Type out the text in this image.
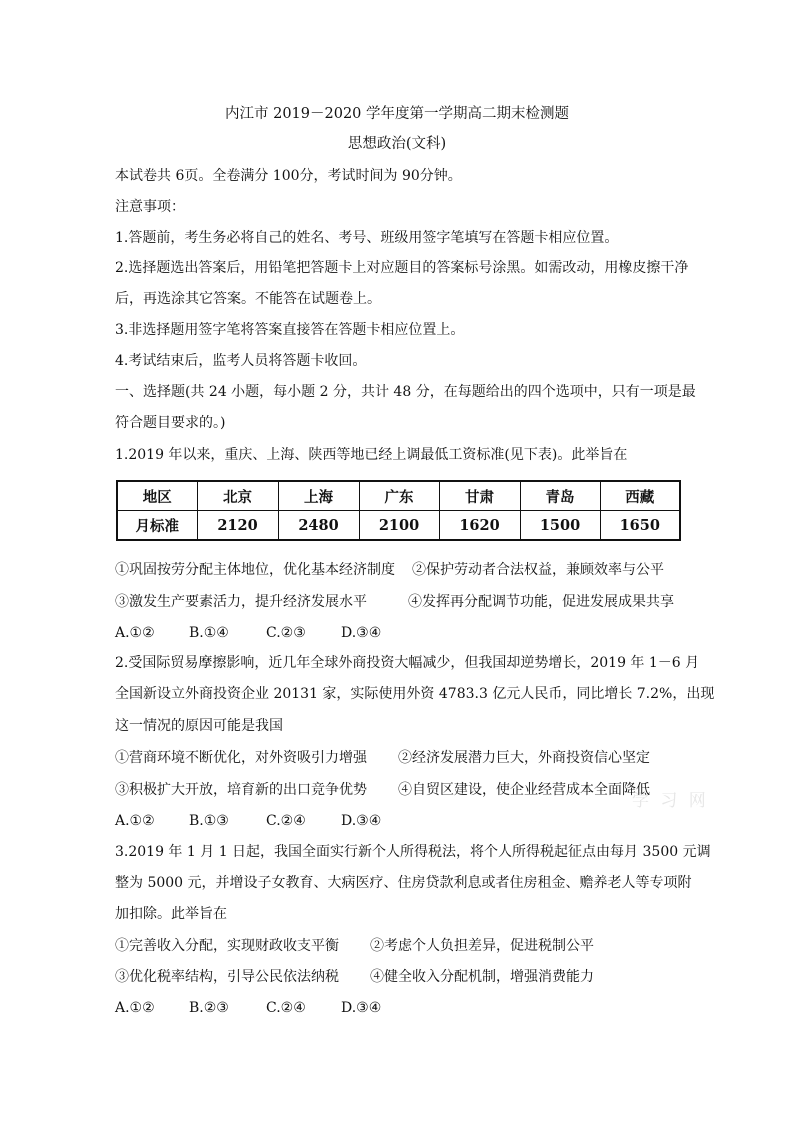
内江市 2019－2020 学年度第一学期高二期末检测题
思想政治(文科)
本试卷共 6页。全卷满分 100分，考试时间为 90分钟。
注意事项：
1.答题前，考生务必将自己的姓名、考号、班级用签字笔填写在答题卡相应位置。
2.选择题选出答案后，用铅笔把答题卡上对应题目的答案标号涂黑。如需改动，用橡皮擦干净
后，再选涂其它答案。不能答在试题卷上。
3.非选择题用签字笔将答案直接答在答题卡相应位置上。
4.考试结束后，监考人员将答题卡收回。
一、选择题(共 24 小题，每小题 2 分，共计 48 分，在每题给出的四个选项中，只有一项是最
符合题目要求的。)
1.2019 年以来，重庆、上海、陕西等地已经上调最低工资标准(见下表)。此举旨在
地区	北京	上海	广东	甘肃	青岛	西藏
月标准	2120	2480	2100	1620	1500	1650
①巩固按劳分配主体地位，优化基本经济制度 ②保护劳动者合法权益，兼顾效率与公平
③激发生产要素活力，提升经济发展水平	④发挥再分配调节功能，促进发展成果共享
A.①② B.①④	C.②③	D.③④
2.受国际贸易摩擦影响，近几年全球外商投资大幅减少，但我国却逆势增长，2019 年 1－6 月
全国新设立外商投资企业 20131 家，实际使用外资 4783.3 亿元人民币，同比增长 7.2%，出现
这一情况的原因可能是我国
①营商环境不断优化，对外资吸引力增强 ②经济发展潜力巨大，外商投资信心坚定
③积极扩大开放，培育新的出口竞争优势 ④自贸区建设，使企业经营成本全面降低
A.①② B.①③	C.②④	D.③④
3.2019 年 1 月 1 日起，我国全面实行新个人所得税法，将个人所得税起征点由每月 3500 元调
整为 5000 元，并增设子女教育、大病医疗、住房贷款利息或者住房租金、赡养老人等专项附
加扣除。此举旨在
①完善收入分配，实现财政收支平衡 ②考虑个人负担差异，促进税制公平
③优化税率结构，引导公民依法纳税 ④健全收入分配机制，增强消费能力
A.①② B.②③	C.②④	D.③④
学 习 网
